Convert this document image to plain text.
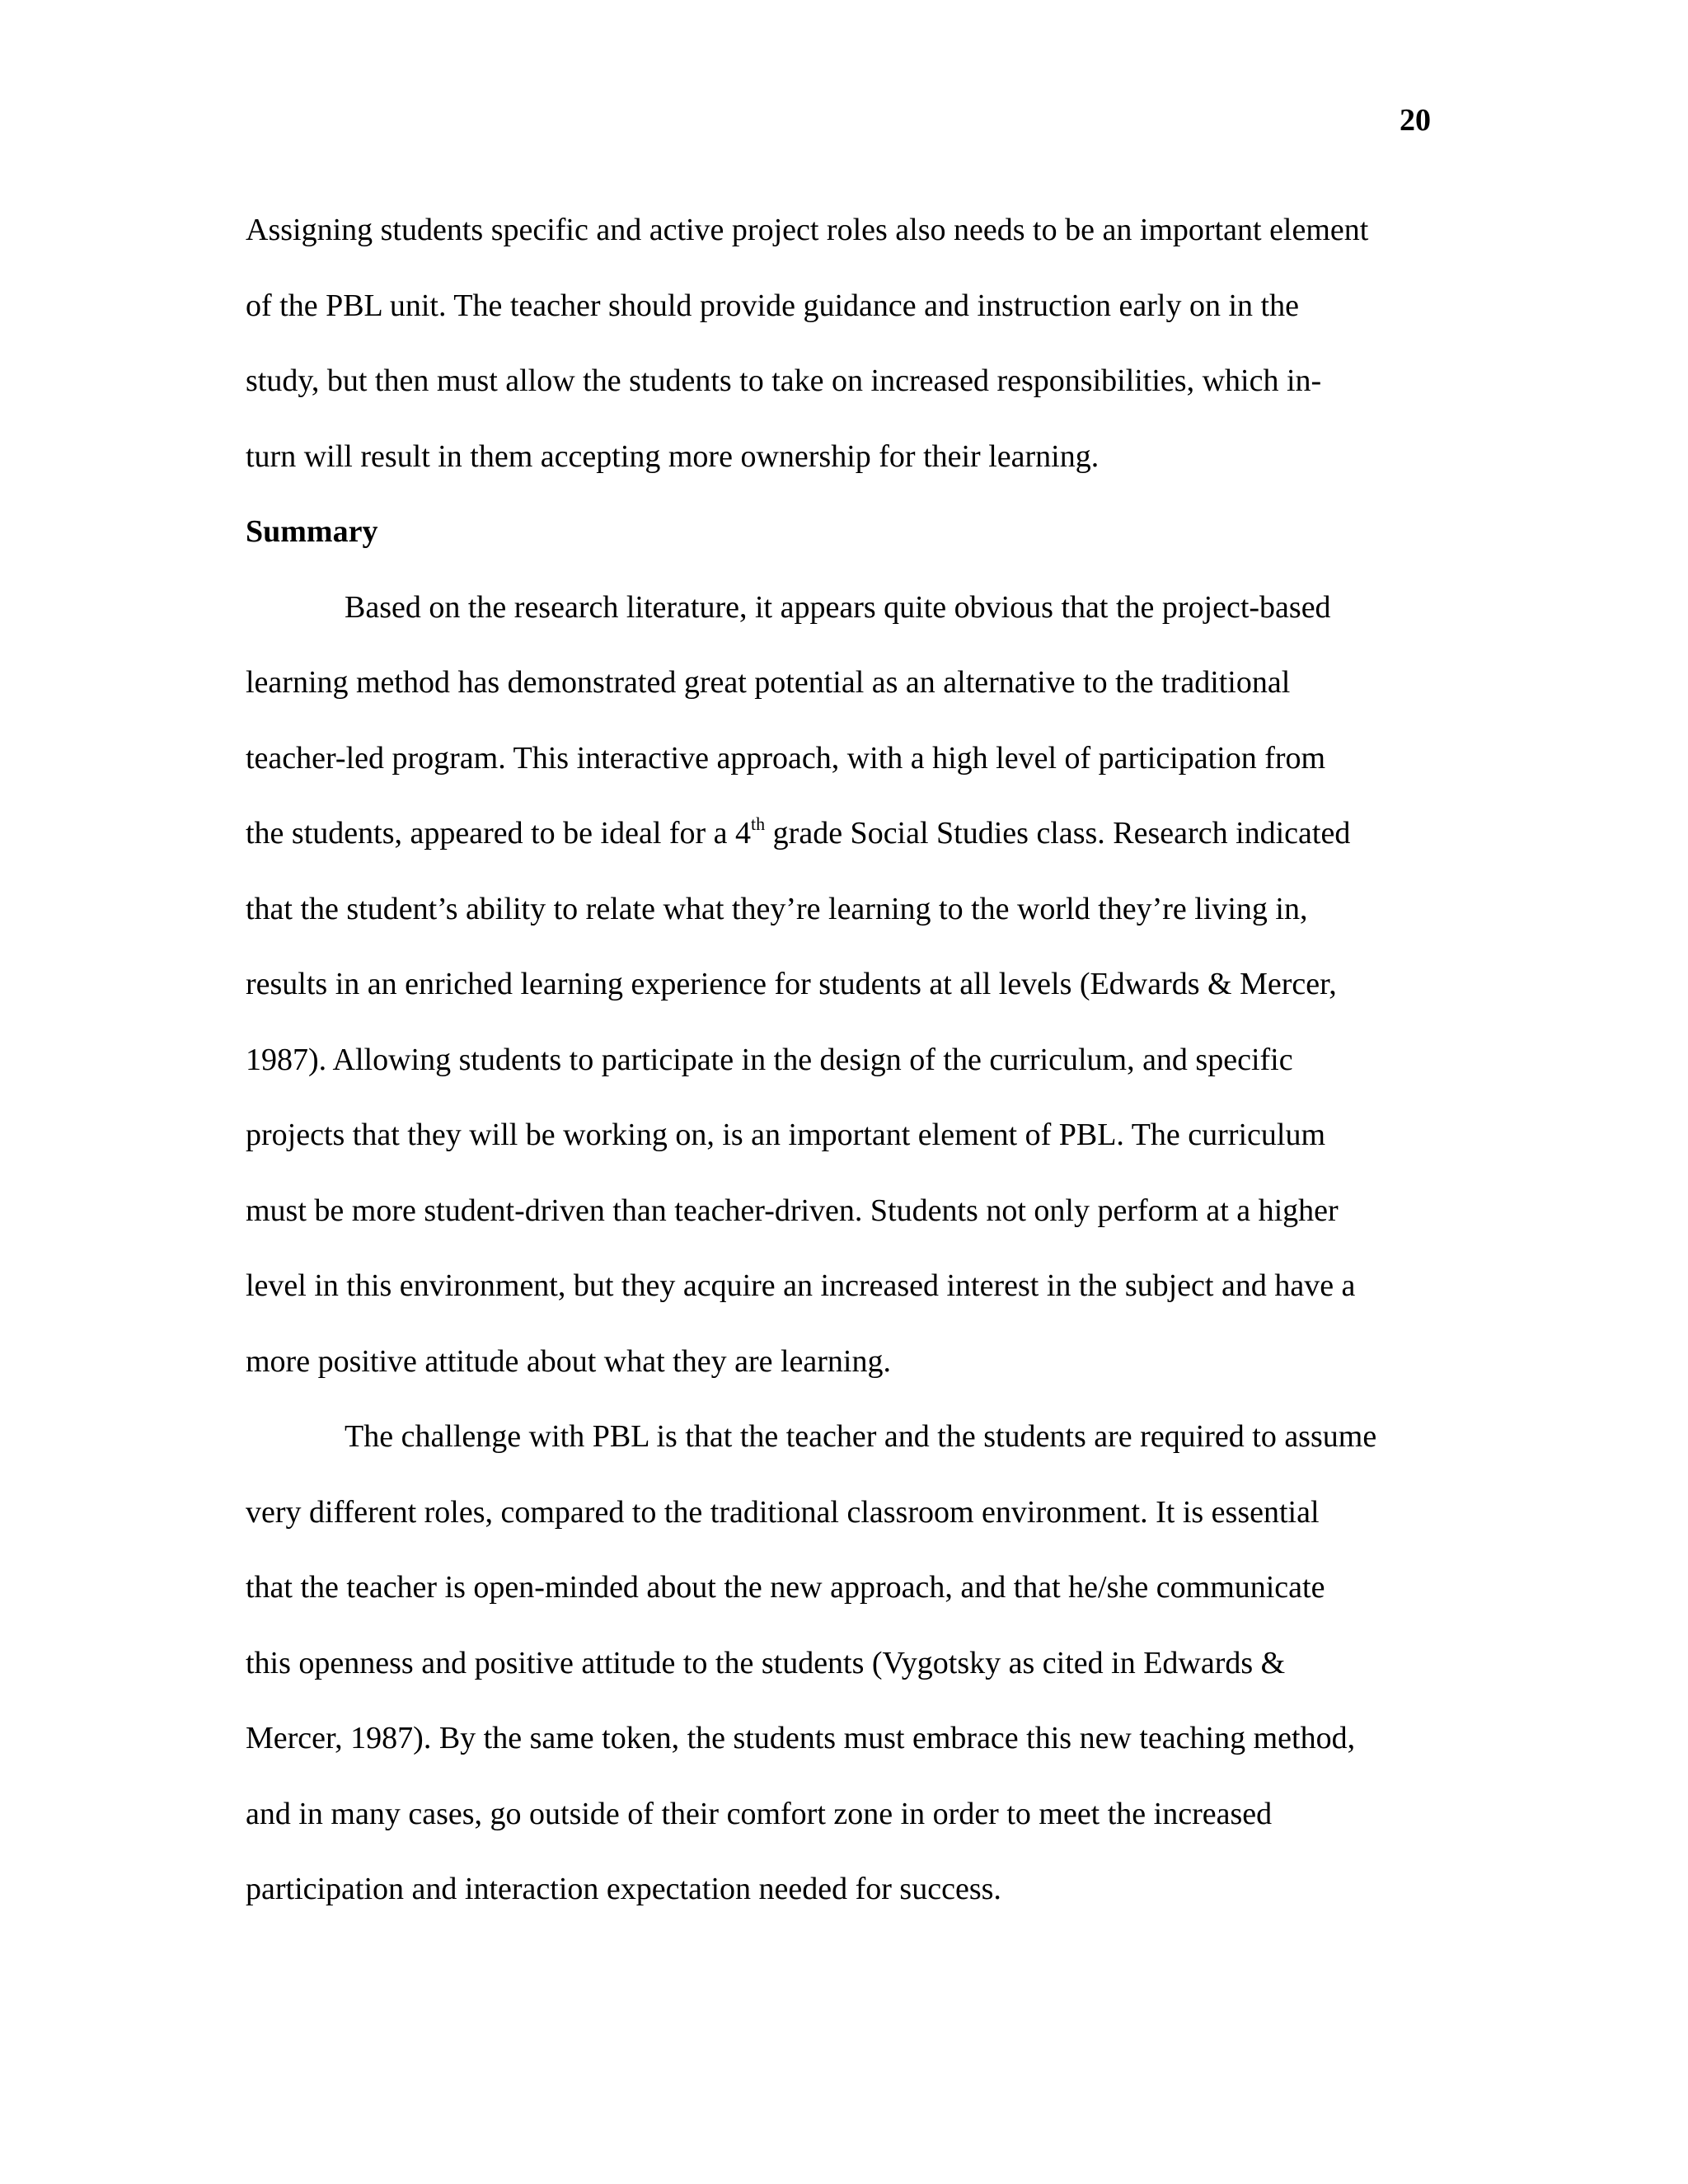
20
Assigning students specific and active project roles also needs to be an important element
of the PBL unit. The teacher should provide guidance and instruction early on in the
study, but then must allow the students to take on increased responsibilities, which in-
turn will result in them accepting more ownership for their learning.
Summary
Based on the research literature, it appears quite obvious that the project-based
learning method has demonstrated great potential as an alternative to the traditional
teacher-led program. This interactive approach, with a high level of participation from
the students, appeared to be ideal for a 4th grade Social Studies class. Research indicated
that the student’s ability to relate what they’re learning to the world they’re living in,
results in an enriched learning experience for students at all levels (Edwards & Mercer,
1987). Allowing students to participate in the design of the curriculum, and specific
projects that they will be working on, is an important element of PBL. The curriculum
must be more student-driven than teacher-driven. Students not only perform at a higher
level in this environment, but they acquire an increased interest in the subject and have a
more positive attitude about what they are learning.
The challenge with PBL is that the teacher and the students are required to assume
very different roles, compared to the traditional classroom environment. It is essential
that the teacher is open-minded about the new approach, and that he/she communicate
this openness and positive attitude to the students (Vygotsky as cited in Edwards &
Mercer, 1987). By the same token, the students must embrace this new teaching method,
and in many cases, go outside of their comfort zone in order to meet the increased
participation and interaction expectation needed for success.
